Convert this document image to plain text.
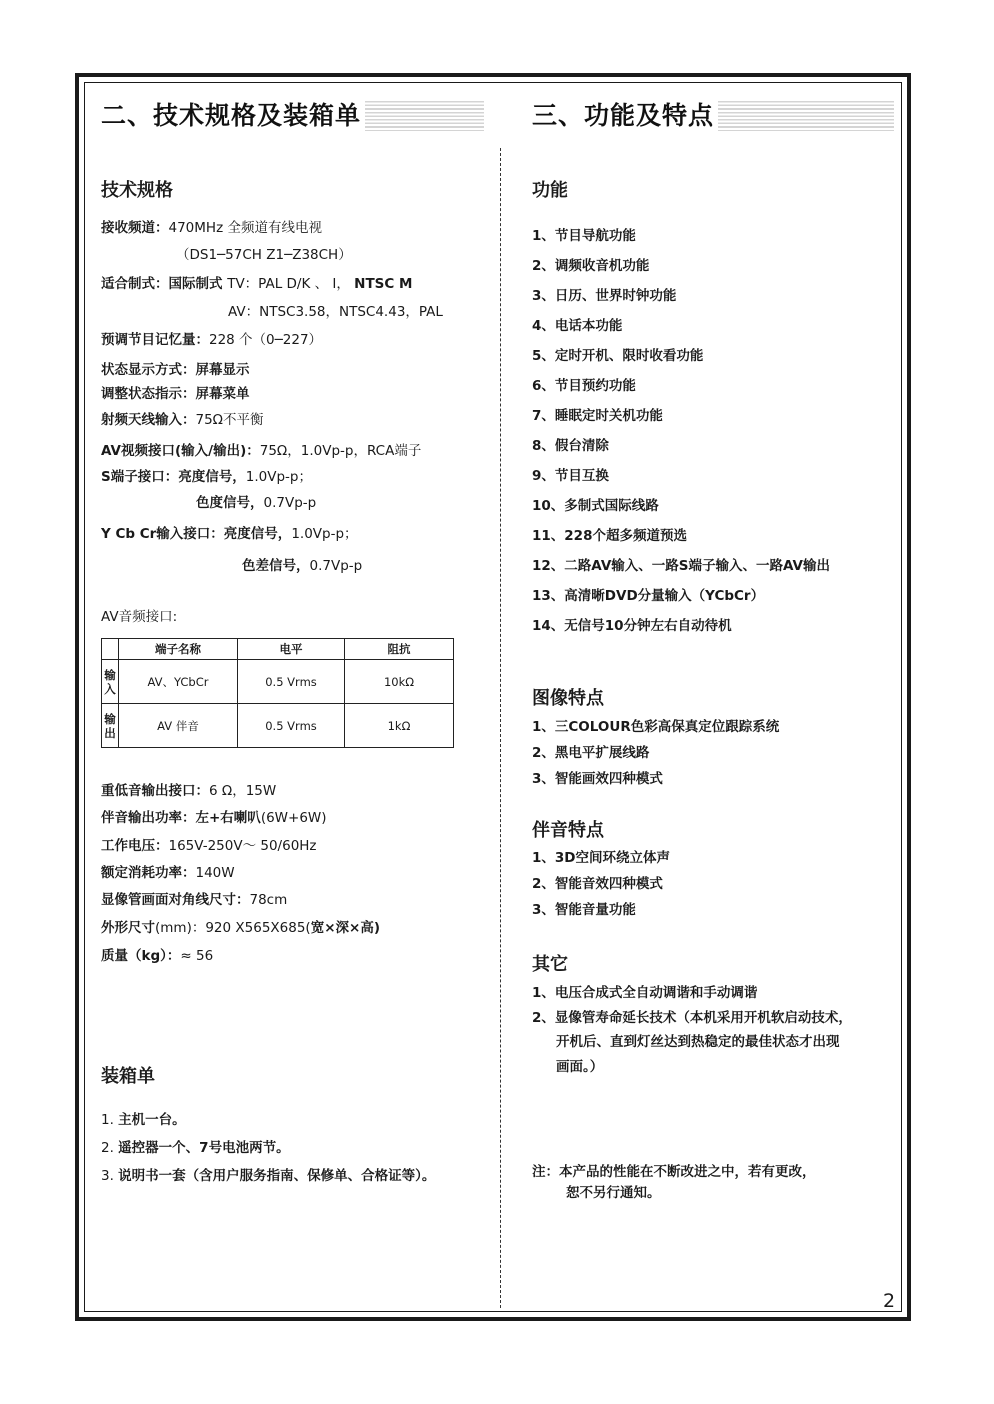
二、技术规格及装箱单
技术规格
接收频道：470MHz 全频道有线电视
（DS1─57CH Z1─Z38CH）
适合制式：国际制式 TV：PAL D/K 、 I， NTSC M
AV：NTSC3.58，NTSC4.43，PAL
预调节目记忆量：228 个（0─227）
状态显示方式：屏幕显示
调整状态指示：屏幕菜单
射频天线输入：75Ω不平衡
AV视频接口(输入/输出)：75Ω，1.0Vp-p，RCA端子
S端子接口：亮度信号，1.0Vp-p；
色度信号，0.7Vp-p
Y Cb Cr输入接口：亮度信号，1.0Vp-p；
色差信号，0.7Vp-p
AV音频接口:
	端子名称	电平	阻抗
输入	AV、YCbCr	0.5 Vrms	10kΩ
输出	AV 伴音	0.5 Vrms	1kΩ
重低音输出接口：6 Ω，15W
伴音输出功率：左+右喇叭(6W+6W)
工作电压：165V-250V～ 50/60Hz
额定消耗功率：140W
显像管画面对角线尺寸：78cm
外形尺寸(mm)：920 X565X685(宽×深×高)
质量（kg）：≈ 56
装箱单
1. 主机一台。
2. 遥控器一个、7号电池两节。
3. 说明书一套（含用户服务指南、保修单、合格证等）。
三、功能及特点
功能
1、节目导航功能
2、调频收音机功能
3、日历、世界时钟功能
4、电话本功能
5、定时开机、限时收看功能
6、节目预约功能
7、睡眠定时关机功能
8、假台清除
9、节目互换
10、多制式国际线路
11、228个超多频道预选
12、二路AV输入、一路S端子输入、一路AV输出
13、高清晰DVD分量输入（YCbCr）
14、无信号10分钟左右自动待机
图像特点
1、三COLOUR色彩高保真定位跟踪系统
2、黑电平扩展线路
3、智能画效四种模式
伴音特点
1、3D空间环绕立体声
2、智能音效四种模式
3、智能音量功能
其它
1、电压合成式全自动调谐和手动调谐
2、显像管寿命延长技术（本机采用开机软启动技术，
开机后、直到灯丝达到热稳定的最佳状态才出现
画面。）
注：本产品的性能在不断改进之中，若有更改，
恕不另行通知。
2
